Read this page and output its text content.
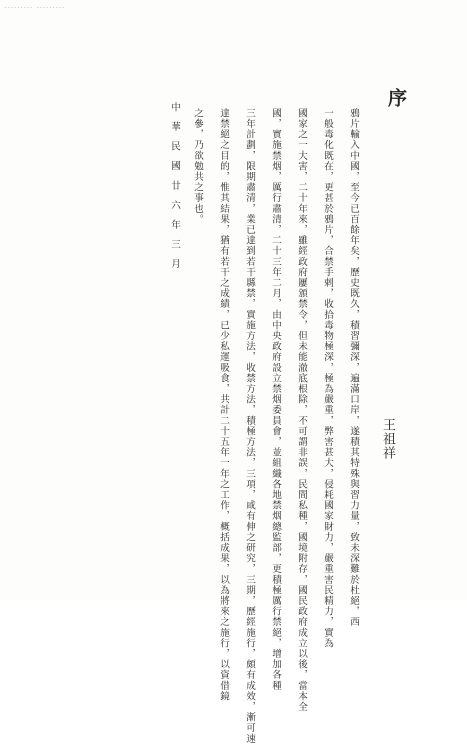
--------- ---------
序
王祖祥
鴉片輸入中國，至今已百餘年矣，歷史既久，積習彌深，遍滿口岸，遂積其特殊與習力量，致未深難於杜絕，西
一般毒化既在，更甚於鴉片，合禁手剌，收拾毒物極深，極為嚴重，弊害甚大，侵耗國家財力，嚴重害民精力，實為
國家之一大害，二十年來，雖經政府屢頒禁令，但未能澈底根除，不可謂非誤，民間私種，國境附存，國民政府成立以後，當本全
國，實施禁烟，厲行肅清，二十三年二月，由中央政府設立禁烟委員會，並組織各地禁烟總監部，更積極厲行禁絕，增加各種
三年計劃，限期肅清，業已達到若干縣禁，實施方法，收禁方法，積極方法，三項，咸有伸之研究，三期，歷經施行，頗有成效，漸可速
達禁絕之目的，惟其結果，猶有若干之成績，已少私運吸食，共計二十五年一年之工作，概括成果，以為將來之施行，以資借鏡
之參，乃欲勉共之事也。
中華民國廿六年三月
